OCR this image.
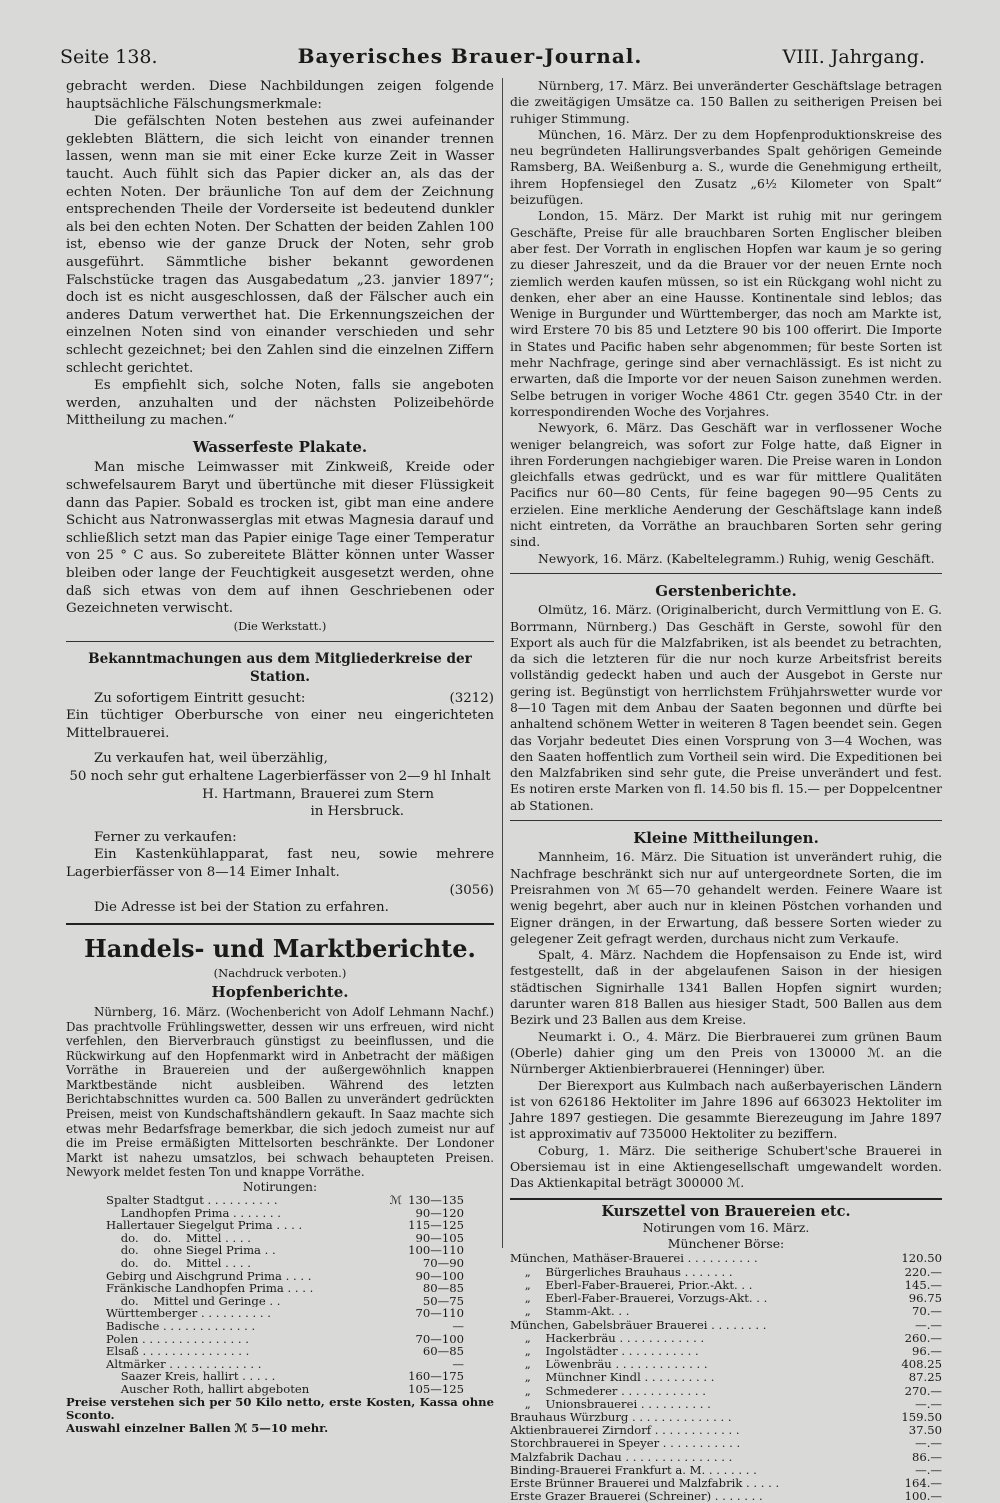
Seite 138.	Bayerisches Brauer-Journal.	VIII. Jahrgang.

gebracht werden. Diese Nachbildungen zeigen folgende hauptsächliche Fälschungsmerkmale:

Die gefälschten Noten bestehen aus zwei aufeinander geklebten Blättern, die sich leicht von einander trennen lassen, wenn man sie mit einer Ecke kurze Zeit in Wasser taucht. Auch fühlt sich das Papier dicker an, als das der echten Noten. Der bräunliche Ton auf dem der Zeichnung entsprechenden Theile der Vorderseite ist bedeutend dunkler als bei den echten Noten. Der Schatten der beiden Zahlen 100 ist, ebenso wie der ganze Druck der Noten, sehr grob ausgeführt. Sämmtliche bisher bekannt gewordenen Falschstücke tragen das Ausgabedatum „23. janvier 1897“; doch ist es nicht ausgeschlossen, daß der Fälscher auch ein anderes Datum verwerthet hat. Die Erkennungszeichen der einzelnen Noten sind von einander verschieden und sehr schlecht gezeichnet; bei den Zahlen sind die einzelnen Ziffern schlecht gerichtet.

Es empfiehlt sich, solche Noten, falls sie angeboten werden, anzuhalten und der nächsten Polizeibehörde Mittheilung zu machen.“

Wasserfeste Plakate.

Man mische Leimwasser mit Zinkweiß, Kreide oder schwefelsaurem Baryt und übertünche mit dieser Flüssigkeit dann das Papier. Sobald es trocken ist, gibt man eine andere Schicht aus Natronwasserglas mit etwas Magnesia darauf und schließlich setzt man das Papier einige Tage einer Temperatur von 25 ° C aus. So zubereitete Blätter können unter Wasser bleiben oder lange der Feuchtigkeit ausgesetzt werden, ohne daß sich etwas von dem auf ihnen Geschriebenen oder Gezeichneten verwischt.

(Die Werkstatt.)

Bekanntmachungen aus dem Mitgliederkreise der Station.
Zu sofortigem Eintritt gesucht:	(3212)

Ein tüchtiger Oberbursche von einer neu eingerichteten Mittelbrauerei.

Zu verkaufen hat, weil überzählig,

50 noch sehr gut erhaltene Lagerbierfässer von 2—9 hl Inhalt

H. Hartmann, Brauerei zum Stern

in Hersbruck.

Ferner zu verkaufen:

Ein Kastenkühlapparat, fast neu, sowie mehrere Lagerbierfässer von 8—14 Eimer Inhalt.

(3056)

Die Adresse ist bei der Station zu erfahren.

Handels- und Marktberichte.

(Nachdruck verboten.)

Hopfenberichte.

Nürnberg, 16. März. (Wochenbericht von Adolf Lehmann Nachf.) Das prachtvolle Frühlingswetter, dessen wir uns erfreuen, wird nicht verfehlen, den Bierverbrauch günstigst zu beeinflussen, und die Rückwirkung auf den Hopfenmarkt wird in Anbetracht der mäßigen Vorräthe in Brauereien und der außergewöhnlich knappen Marktbestände nicht ausbleiben. Während des letzten Berichtabschnittes wurden ca. 500 Ballen zu unverändert gedrückten Preisen, meist von Kundschaftshändlern gekauft. In Saaz machte sich etwas mehr Bedarfsfrage bemerkbar, die sich jedoch zumeist nur auf die im Preise ermäßigten Mittelsorten beschränkte. Der Londoner Markt ist nahezu umsatzlos, bei schwach behaupteten Preisen. Newyork meldet festen Ton und knappe Vorräthe.

Notirungen:

Spalter Stadtgut . . . . . . . . . .	ℳ 130—135
Landhopfen Prima . . . . . . .	90—120
Hallertauer Siegelgut Prima . . . .	115—125
do.    do.    Mittel . . . .	90—105
do.    ohne Siegel Prima . .	100—110
do.    do.    Mittel . . . .	70—90
Gebirg und Aischgrund Prima . . . .	90—100
Fränkische Landhopfen Prima . . . .	80—85
do.    Mittel und Geringe . .	50—75
Württemberger . . . . . . . . . .	70—110
Badische . . . . . . . . . . . . .	—
Polen . . . . . . . . . . . . . . .	70—100
Elsaß . . . . . . . . . . . . . . .	60—85
Altmärker . . . . . . . . . . . . .	—
Saazer Kreis, hallirt . . . . .	160—175
Auscher Roth, hallirt abgeboten	105—125

Preise verstehen sich per 50 Kilo netto, erste Kosten, Kassa ohne Sconto.

Auswahl einzelner Ballen ℳ 5—10 mehr.

Nürnberg, 17. März. Bei unveränderter Geschäftslage betragen die zweitägigen Umsätze ca. 150 Ballen zu seitherigen Preisen bei ruhiger Stimmung.

München, 16. März. Der zu dem Hopfenproduktionskreise des neu begründeten Hallirungsverbandes Spalt gehörigen Gemeinde Ramsberg, BA. Weißenburg a. S., wurde die Genehmigung ertheilt, ihrem Hopfensiegel den Zusatz „6½ Kilometer von Spalt“ beizufügen.

London, 15. März. Der Markt ist ruhig mit nur geringem Geschäfte, Preise für alle brauchbaren Sorten Englischer bleiben aber fest. Der Vorrath in englischen Hopfen war kaum je so gering zu dieser Jahreszeit, und da die Brauer vor der neuen Ernte noch ziemlich werden kaufen müssen, so ist ein Rückgang wohl nicht zu denken, eher aber an eine Hausse. Kontinentale sind leblos; das Wenige in Burgunder und Württemberger, das noch am Markte ist, wird Erstere 70 bis 85 und Letztere 90 bis 100 offerirt. Die Importe in States und Pacific haben sehr abgenommen; für beste Sorten ist mehr Nachfrage, geringe sind aber vernachlässigt. Es ist nicht zu erwarten, daß die Importe vor der neuen Saison zunehmen werden. Selbe betrugen in voriger Woche 4861 Ctr. gegen 3540 Ctr. in der korrespondirenden Woche des Vorjahres.

Newyork, 6. März. Das Geschäft war in verflossener Woche weniger belangreich, was sofort zur Folge hatte, daß Eigner in ihren Forderungen nachgiebiger waren. Die Preise waren in London gleichfalls etwas gedrückt, und es war für mittlere Qualitäten Pacifics nur 60—80 Cents, für feine bagegen 90—95 Cents zu erzielen. Eine merkliche Aenderung der Geschäftslage kann indeß nicht eintreten, da Vorräthe an brauchbaren Sorten sehr gering sind.

Newyork, 16. März. (Kabeltelegramm.) Ruhig, wenig Geschäft.

Gerstenberichte.

Olmütz, 16. März. (Originalbericht, durch Vermittlung von E. G. Borrmann, Nürnberg.) Das Geschäft in Gerste, sowohl für den Export als auch für die Malzfabriken, ist als beendet zu betrachten, da sich die letzteren für die nur noch kurze Arbeitsfrist bereits vollständig gedeckt haben und auch der Ausgebot in Gerste nur gering ist. Begünstigt von herrlichstem Frühjahrswetter wurde vor 8—10 Tagen mit dem Anbau der Saaten begonnen und dürfte bei anhaltend schönem Wetter in weiteren 8 Tagen beendet sein. Gegen das Vorjahr bedeutet Dies einen Vorsprung von 3—4 Wochen, was den Saaten hoffentlich zum Vortheil sein wird. Die Expeditionen bei den Malzfabriken sind sehr gute, die Preise unverändert und fest. Es notiren erste Marken von fl. 14.50 bis fl. 15.— per Doppelcentner ab Stationen.

Kleine Mittheilungen.

Mannheim, 16. März. Die Situation ist unverändert ruhig, die Nachfrage beschränkt sich nur auf untergeordnete Sorten, die im Preisrahmen von ℳ 65—70 gehandelt werden. Feinere Waare ist wenig begehrt, aber auch nur in kleinen Pöstchen vorhanden und Eigner drängen, in der Erwartung, daß bessere Sorten wieder zu gelegener Zeit gefragt werden, durchaus nicht zum Verkaufe.

Spalt, 4. März. Nachdem die Hopfensaison zu Ende ist, wird festgestellt, daß in der abgelaufenen Saison in der hiesigen städtischen Signirhalle 1341 Ballen Hopfen signirt wurden; darunter waren 818 Ballen aus hiesiger Stadt, 500 Ballen aus dem Bezirk und 23 Ballen aus dem Kreise.

Neumarkt i. O., 4. März. Die Bierbrauerei zum grünen Baum (Oberle) dahier ging um den Preis von 130000 ℳ. an die Nürnberger Aktienbierbrauerei (Henninger) über.

Der Bierexport aus Kulmbach nach außerbayerischen Ländern ist von 626186 Hektoliter im Jahre 1896 auf 663023 Hektoliter im Jahre 1897 gestiegen. Die gesammte Bierezeugung im Jahre 1897 ist approximativ auf 735000 Hektoliter zu beziffern.

Coburg, 1. März. Die seitherige Schubert'sche Brauerei in Obersiemau ist in eine Aktiengesellschaft umgewandelt worden. Das Aktienkapital beträgt 300000 ℳ.

Kurszettel von Brauereien etc.

Notirungen vom 16. März.

Münchener Börse:

München, Mathäser-Brauerei . . . . . . . . . .	120.50
„    Bürgerliches Brauhaus . . . . . . .	220.—
„    Eberl-Faber-Brauerei, Prior.-Akt. . .	145.—
„    Eberl-Faber-Brauerei, Vorzugs-Akt. . .	96.75
„    Stamm-Akt. . .	70.—
München, Gabelsbräuer Brauerei . . . . . . . .	—.—
„    Hackerbräu . . . . . . . . . . . .	260.—
„    Ingolstädter . . . . . . . . . . .	96.—
„    Löwenbräu . . . . . . . . . . . . .	408.25
„    Münchner Kindl . . . . . . . . . .	87.25
„    Schmederer . . . . . . . . . . . .	270.—
„    Unionsbrauerei . . . . . . . . . .	—.—
Brauhaus Würzburg . . . . . . . . . . . . . .	159.50
Aktienbrauerei Zirndorf . . . . . . . . . . . .	37.50
Storchbrauerei in Speyer . . . . . . . . . . .	—.—
Malzfabrik Dachau . . . . . . . . . . . . . . .	86.—
Binding-Brauerei Frankfurt a. M. . . . . . . .	—.—
Erste Brünner Brauerei und Malzfabrik . . . . .	164.—
Erste Grazer Brauerei (Schreiner) . . . . . . .	100.—
